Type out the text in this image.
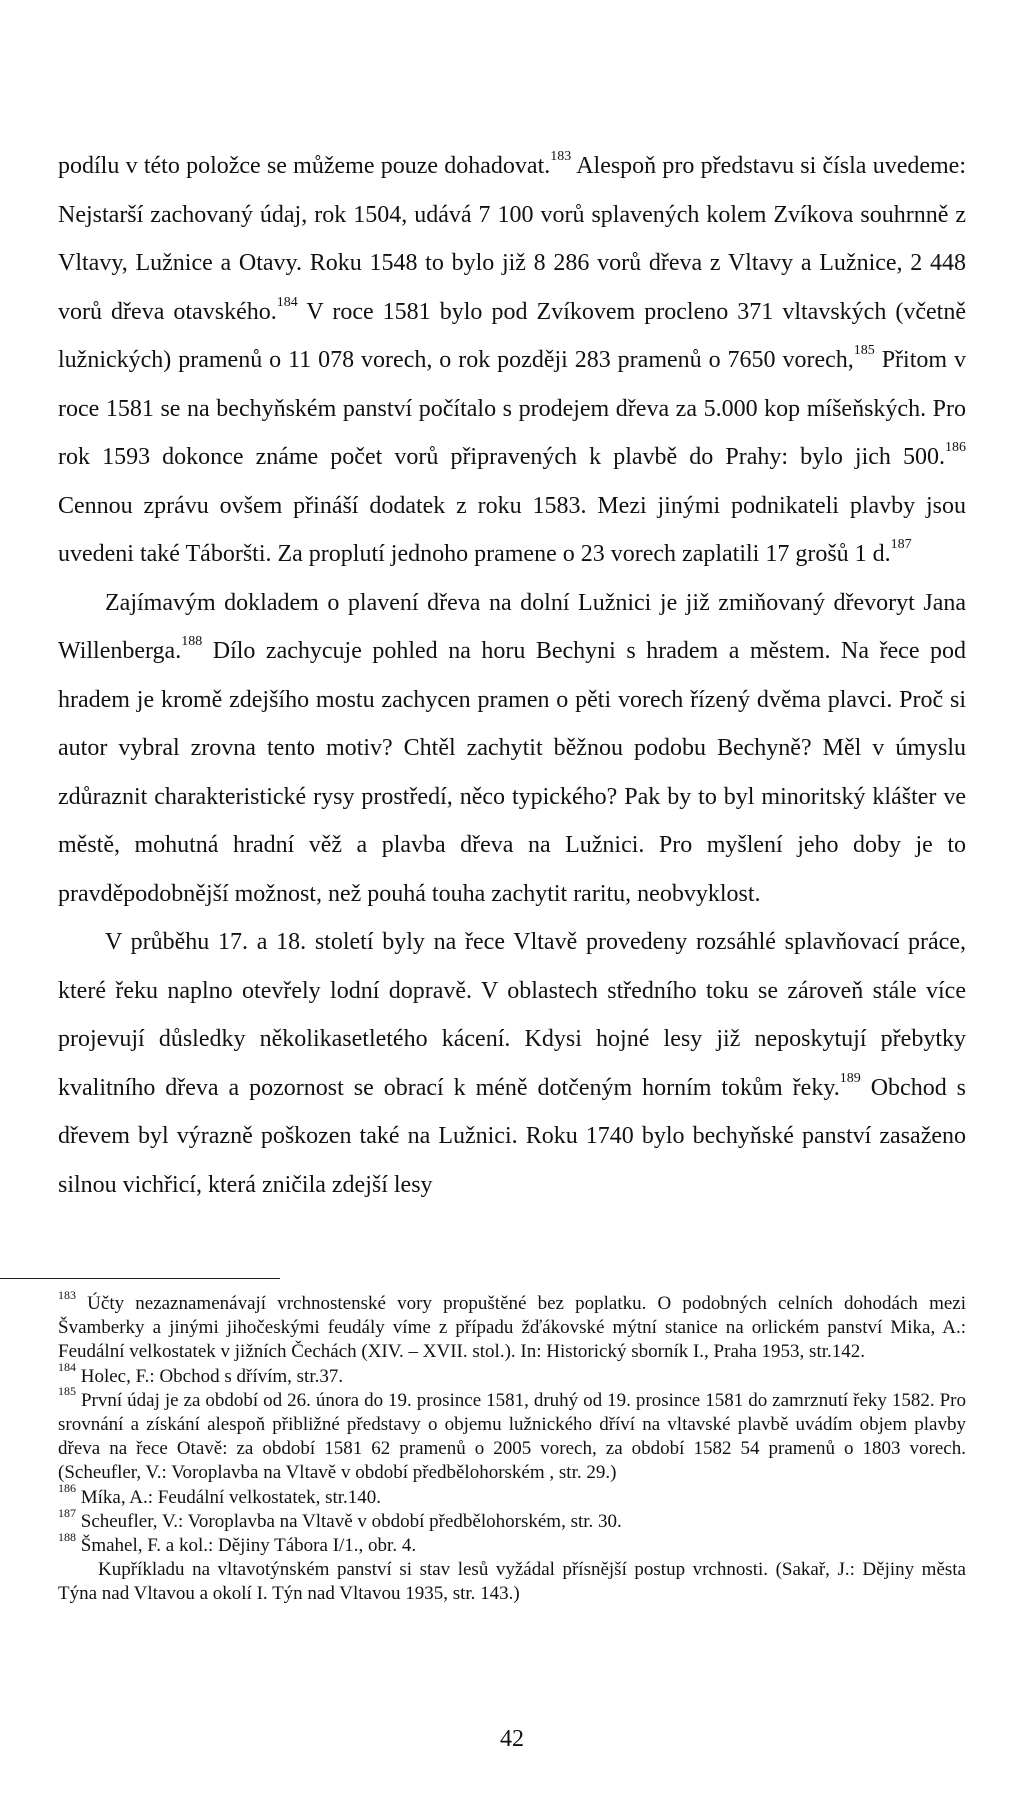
podílu v této položce se můžeme pouze dohadovat.$^{183}$ Alespoň pro představu si čísla uvedeme: Nejstarší zachovaný údaj, rok 1504, udává 7 100 vorů splavených kolem Zvíkova souhrnně z Vltavy, Lužnice a Otavy. Roku 1548 to bylo již 8 286 vorů dřeva z Vltavy a Lužnice, 2 448 vorů dřeva otavského.$^{184}$ V roce 1581 bylo pod Zvíkovem procleno 371 vltavských (včetně lužnických) pramenů o 11 078 vorech, o rok později 283 pramenů o 7650 vorech,$^{185}$ Přitom v roce 1581 se na bechyňském panství počítalo s prodejem dřeva za 5.000 kop míšeňských. Pro rok 1593 dokonce známe počet vorů připravených k plavbě do Prahy: bylo jich 500.$^{186}$ Cennou zprávu ovšem přináší dodatek z roku 1583. Mezi jinými podnikateli plavby jsou uvedeni také Táboršti. Za proplutí jednoho pramene o 23 vorech zaplatili 17 grošů 1 d.$^{187}$

Zajímavým dokladem o plavení dřeva na dolní Lužnici je již zmiňovaný dřevoryt Jana Willenberga.$^{188}$ Dílo zachycuje pohled na horu Bechyni s hradem a městem. Na řece pod hradem je kromě zdejšího mostu zachycen pramen o pěti vorech řízený dvěma plavci. Proč si autor vybral zrovna tento motiv? Chtěl zachytit běžnou podobu Bechyně? Měl v úmyslu zdůraznit charakteristické rysy prostředí, něco typického? Pak by to byl minoritský klášter ve městě, mohutná hradní věž a plavba dřeva na Lužnici. Pro myšlení jeho doby je to pravděpodobnější možnost, než pouhá touha zachytit raritu, neobvyklost.

V průběhu 17. a 18. století byly na řece Vltavě provedeny rozsáhlé splavňovací práce, které řeku naplno otevřely lodní dopravě. V oblastech středního toku se zároveň stále více projevují důsledky několikasetletého kácení. Kdysi hojné lesy již neposkytují přebytky kvalitního dřeva a pozornost se obrací k méně dotčeným horním tokům řeky.$^{189}$ Obchod s dřevem byl výrazně poškozen také na Lužnici. Roku 1740 bylo bechyňské panství zasaženo silnou vichřicí, která zničila zdejší lesy

$^{183}$ Účty nezaznamenávají vrchnostenské vory propuštěné bez poplatku. O podobných celních dohodách mezi Švamberky a jinými jihočeskými feudály víme z případu žďákovské mýtní stanice na orlickém panství Mika, A.: Feudální velkostatek v jižních Čechách (XIV. – XVII. stol.). In: Historický sborník I., Praha 1953, str.142.

$^{184}$ Holec, F.: Obchod s dřívím, str.37.

$^{185}$ První údaj je za období od 26. února do 19. prosince 1581, druhý od 19. prosince 1581 do zamrznutí řeky 1582. Pro srovnání a získání alespoň přibližné představy o objemu lužnického dříví na vltavské plavbě uvádím objem plavby dřeva na řece Otavě: za období 1581 62 pramenů o 2005 vorech, za období 1582 54 pramenů o 1803 vorech. (Scheufler, V.: Voroplavba na Vltavě v období předbělohorském , str. 29.)

$^{186}$ Míka, A.: Feudální velkostatek, str.140.

$^{187}$ Scheufler, V.: Voroplavba na Vltavě v období předbělohorském, str. 30.

$^{188}$ Šmahel, F. a kol.: Dějiny Tábora I/1., obr. 4.

Kupříkladu na vltavotýnském panství si stav lesů vyžádal přísnější postup vrchnosti. (Sakař, J.: Dějiny města Týna nad Vltavou a okolí I. Týn nad Vltavou 1935, str. 143.)

42
